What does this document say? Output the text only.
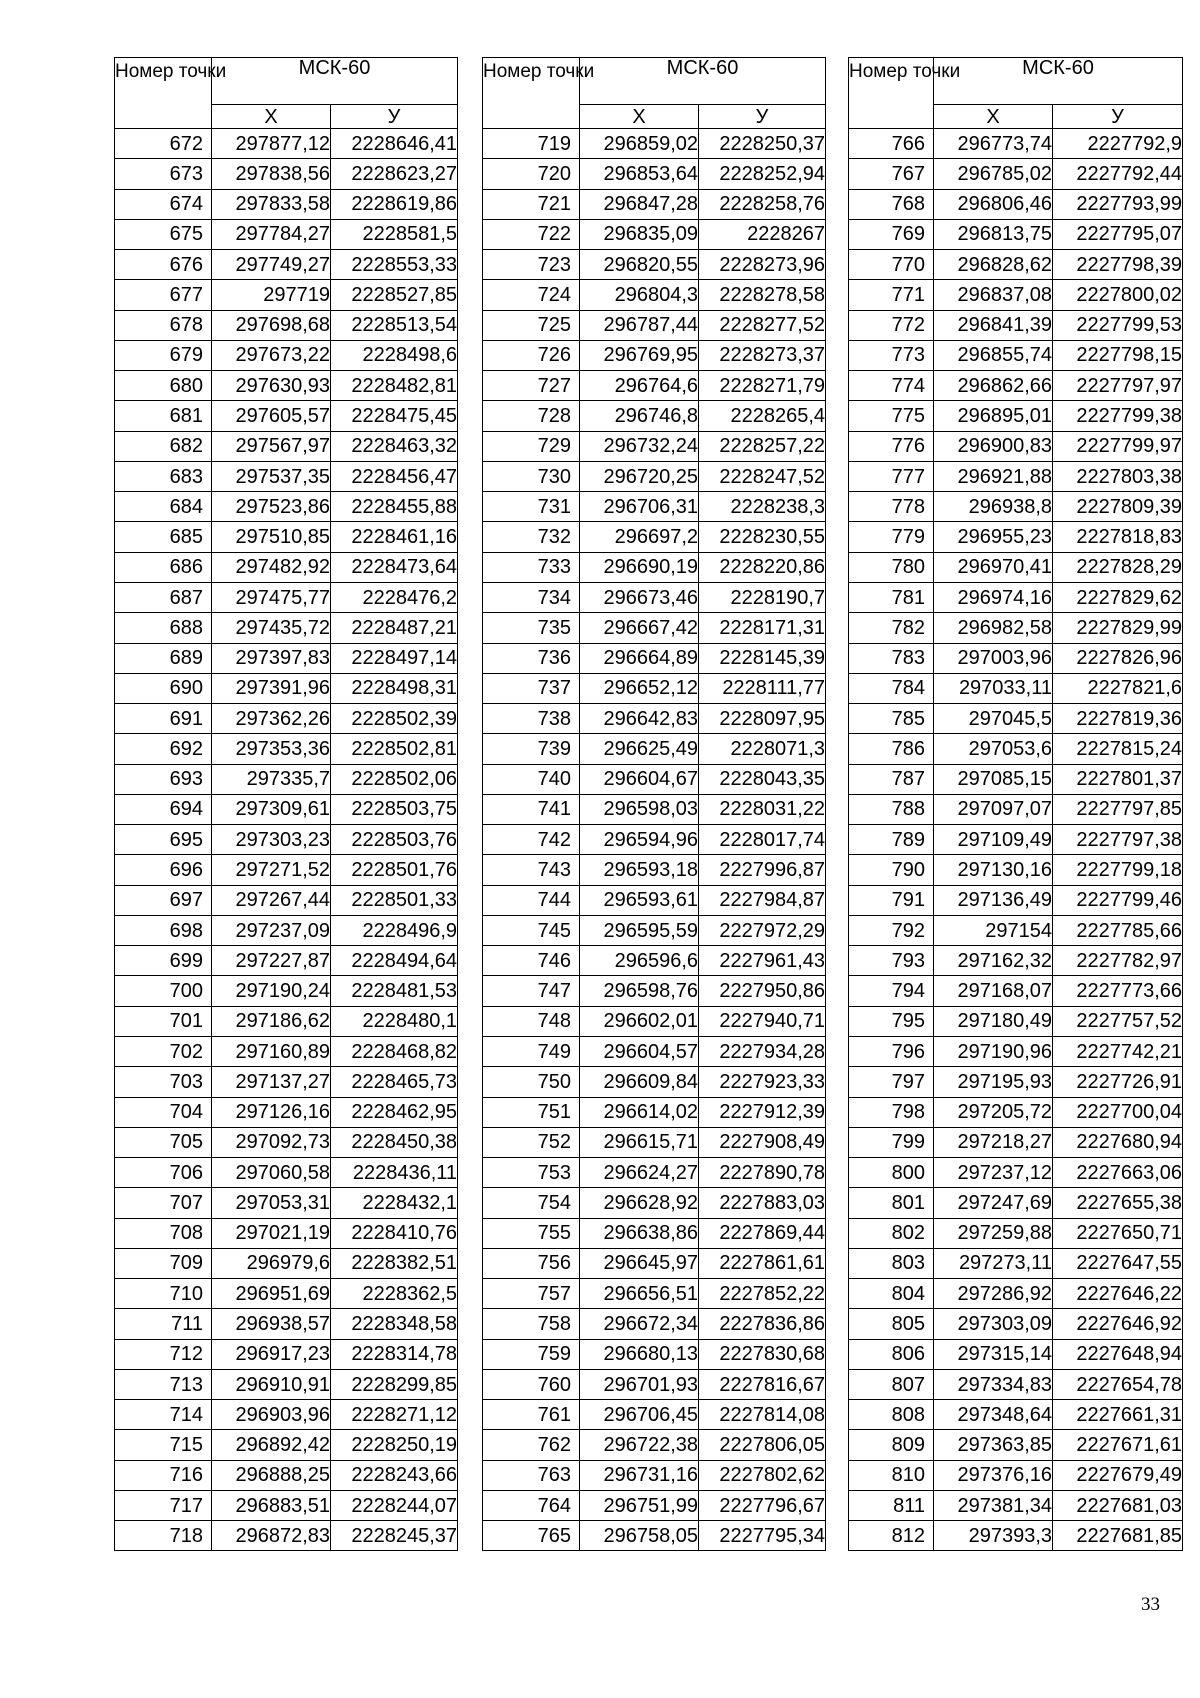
Номер точки	МСК-60	
	Х	У
672	297877,12	2228646,41
673	297838,56	2228623,27
674	297833,58	2228619,86
675	297784,27	2228581,5
676	297749,27	2228553,33
677	297719	2228527,85
678	297698,68	2228513,54
679	297673,22	2228498,6
680	297630,93	2228482,81
681	297605,57	2228475,45
682	297567,97	2228463,32
683	297537,35	2228456,47
684	297523,86	2228455,88
685	297510,85	2228461,16
686	297482,92	2228473,64
687	297475,77	2228476,2
688	297435,72	2228487,21
689	297397,83	2228497,14
690	297391,96	2228498,31
691	297362,26	2228502,39
692	297353,36	2228502,81
693	297335,7	2228502,06
694	297309,61	2228503,75
695	297303,23	2228503,76
696	297271,52	2228501,76
697	297267,44	2228501,33
698	297237,09	2228496,9
699	297227,87	2228494,64
700	297190,24	2228481,53
701	297186,62	2228480,1
702	297160,89	2228468,82
703	297137,27	2228465,73
704	297126,16	2228462,95
705	297092,73	2228450,38
706	297060,58	2228436,11
707	297053,31	2228432,1
708	297021,19	2228410,76
709	296979,6	2228382,51
710	296951,69	2228362,5
711	296938,57	2228348,58
712	296917,23	2228314,78
713	296910,91	2228299,85
714	296903,96	2228271,12
715	296892,42	2228250,19
716	296888,25	2228243,66
717	296883,51	2228244,07
718	296872,83	2228245,37
Номер точки	МСК-60	
	Х	У
719	296859,02	2228250,37
720	296853,64	2228252,94
721	296847,28	2228258,76
722	296835,09	2228267
723	296820,55	2228273,96
724	296804,3	2228278,58
725	296787,44	2228277,52
726	296769,95	2228273,37
727	296764,6	2228271,79
728	296746,8	2228265,4
729	296732,24	2228257,22
730	296720,25	2228247,52
731	296706,31	2228238,3
732	296697,2	2228230,55
733	296690,19	2228220,86
734	296673,46	2228190,7
735	296667,42	2228171,31
736	296664,89	2228145,39
737	296652,12	2228111,77
738	296642,83	2228097,95
739	296625,49	2228071,3
740	296604,67	2228043,35
741	296598,03	2228031,22
742	296594,96	2228017,74
743	296593,18	2227996,87
744	296593,61	2227984,87
745	296595,59	2227972,29
746	296596,6	2227961,43
747	296598,76	2227950,86
748	296602,01	2227940,71
749	296604,57	2227934,28
750	296609,84	2227923,33
751	296614,02	2227912,39
752	296615,71	2227908,49
753	296624,27	2227890,78
754	296628,92	2227883,03
755	296638,86	2227869,44
756	296645,97	2227861,61
757	296656,51	2227852,22
758	296672,34	2227836,86
759	296680,13	2227830,68
760	296701,93	2227816,67
761	296706,45	2227814,08
762	296722,38	2227806,05
763	296731,16	2227802,62
764	296751,99	2227796,67
765	296758,05	2227795,34
Номер точки	МСК-60	
	Х	У
766	296773,74	2227792,9
767	296785,02	2227792,44
768	296806,46	2227793,99
769	296813,75	2227795,07
770	296828,62	2227798,39
771	296837,08	2227800,02
772	296841,39	2227799,53
773	296855,74	2227798,15
774	296862,66	2227797,97
775	296895,01	2227799,38
776	296900,83	2227799,97
777	296921,88	2227803,38
778	296938,8	2227809,39
779	296955,23	2227818,83
780	296970,41	2227828,29
781	296974,16	2227829,62
782	296982,58	2227829,99
783	297003,96	2227826,96
784	297033,11	2227821,6
785	297045,5	2227819,36
786	297053,6	2227815,24
787	297085,15	2227801,37
788	297097,07	2227797,85
789	297109,49	2227797,38
790	297130,16	2227799,18
791	297136,49	2227799,46
792	297154	2227785,66
793	297162,32	2227782,97
794	297168,07	2227773,66
795	297180,49	2227757,52
796	297190,96	2227742,21
797	297195,93	2227726,91
798	297205,72	2227700,04
799	297218,27	2227680,94
800	297237,12	2227663,06
801	297247,69	2227655,38
802	297259,88	2227650,71
803	297273,11	2227647,55
804	297286,92	2227646,22
805	297303,09	2227646,92
806	297315,14	2227648,94
807	297334,83	2227654,78
808	297348,64	2227661,31
809	297363,85	2227671,61
810	297376,16	2227679,49
811	297381,34	2227681,03
812	297393,3	2227681,85
33
